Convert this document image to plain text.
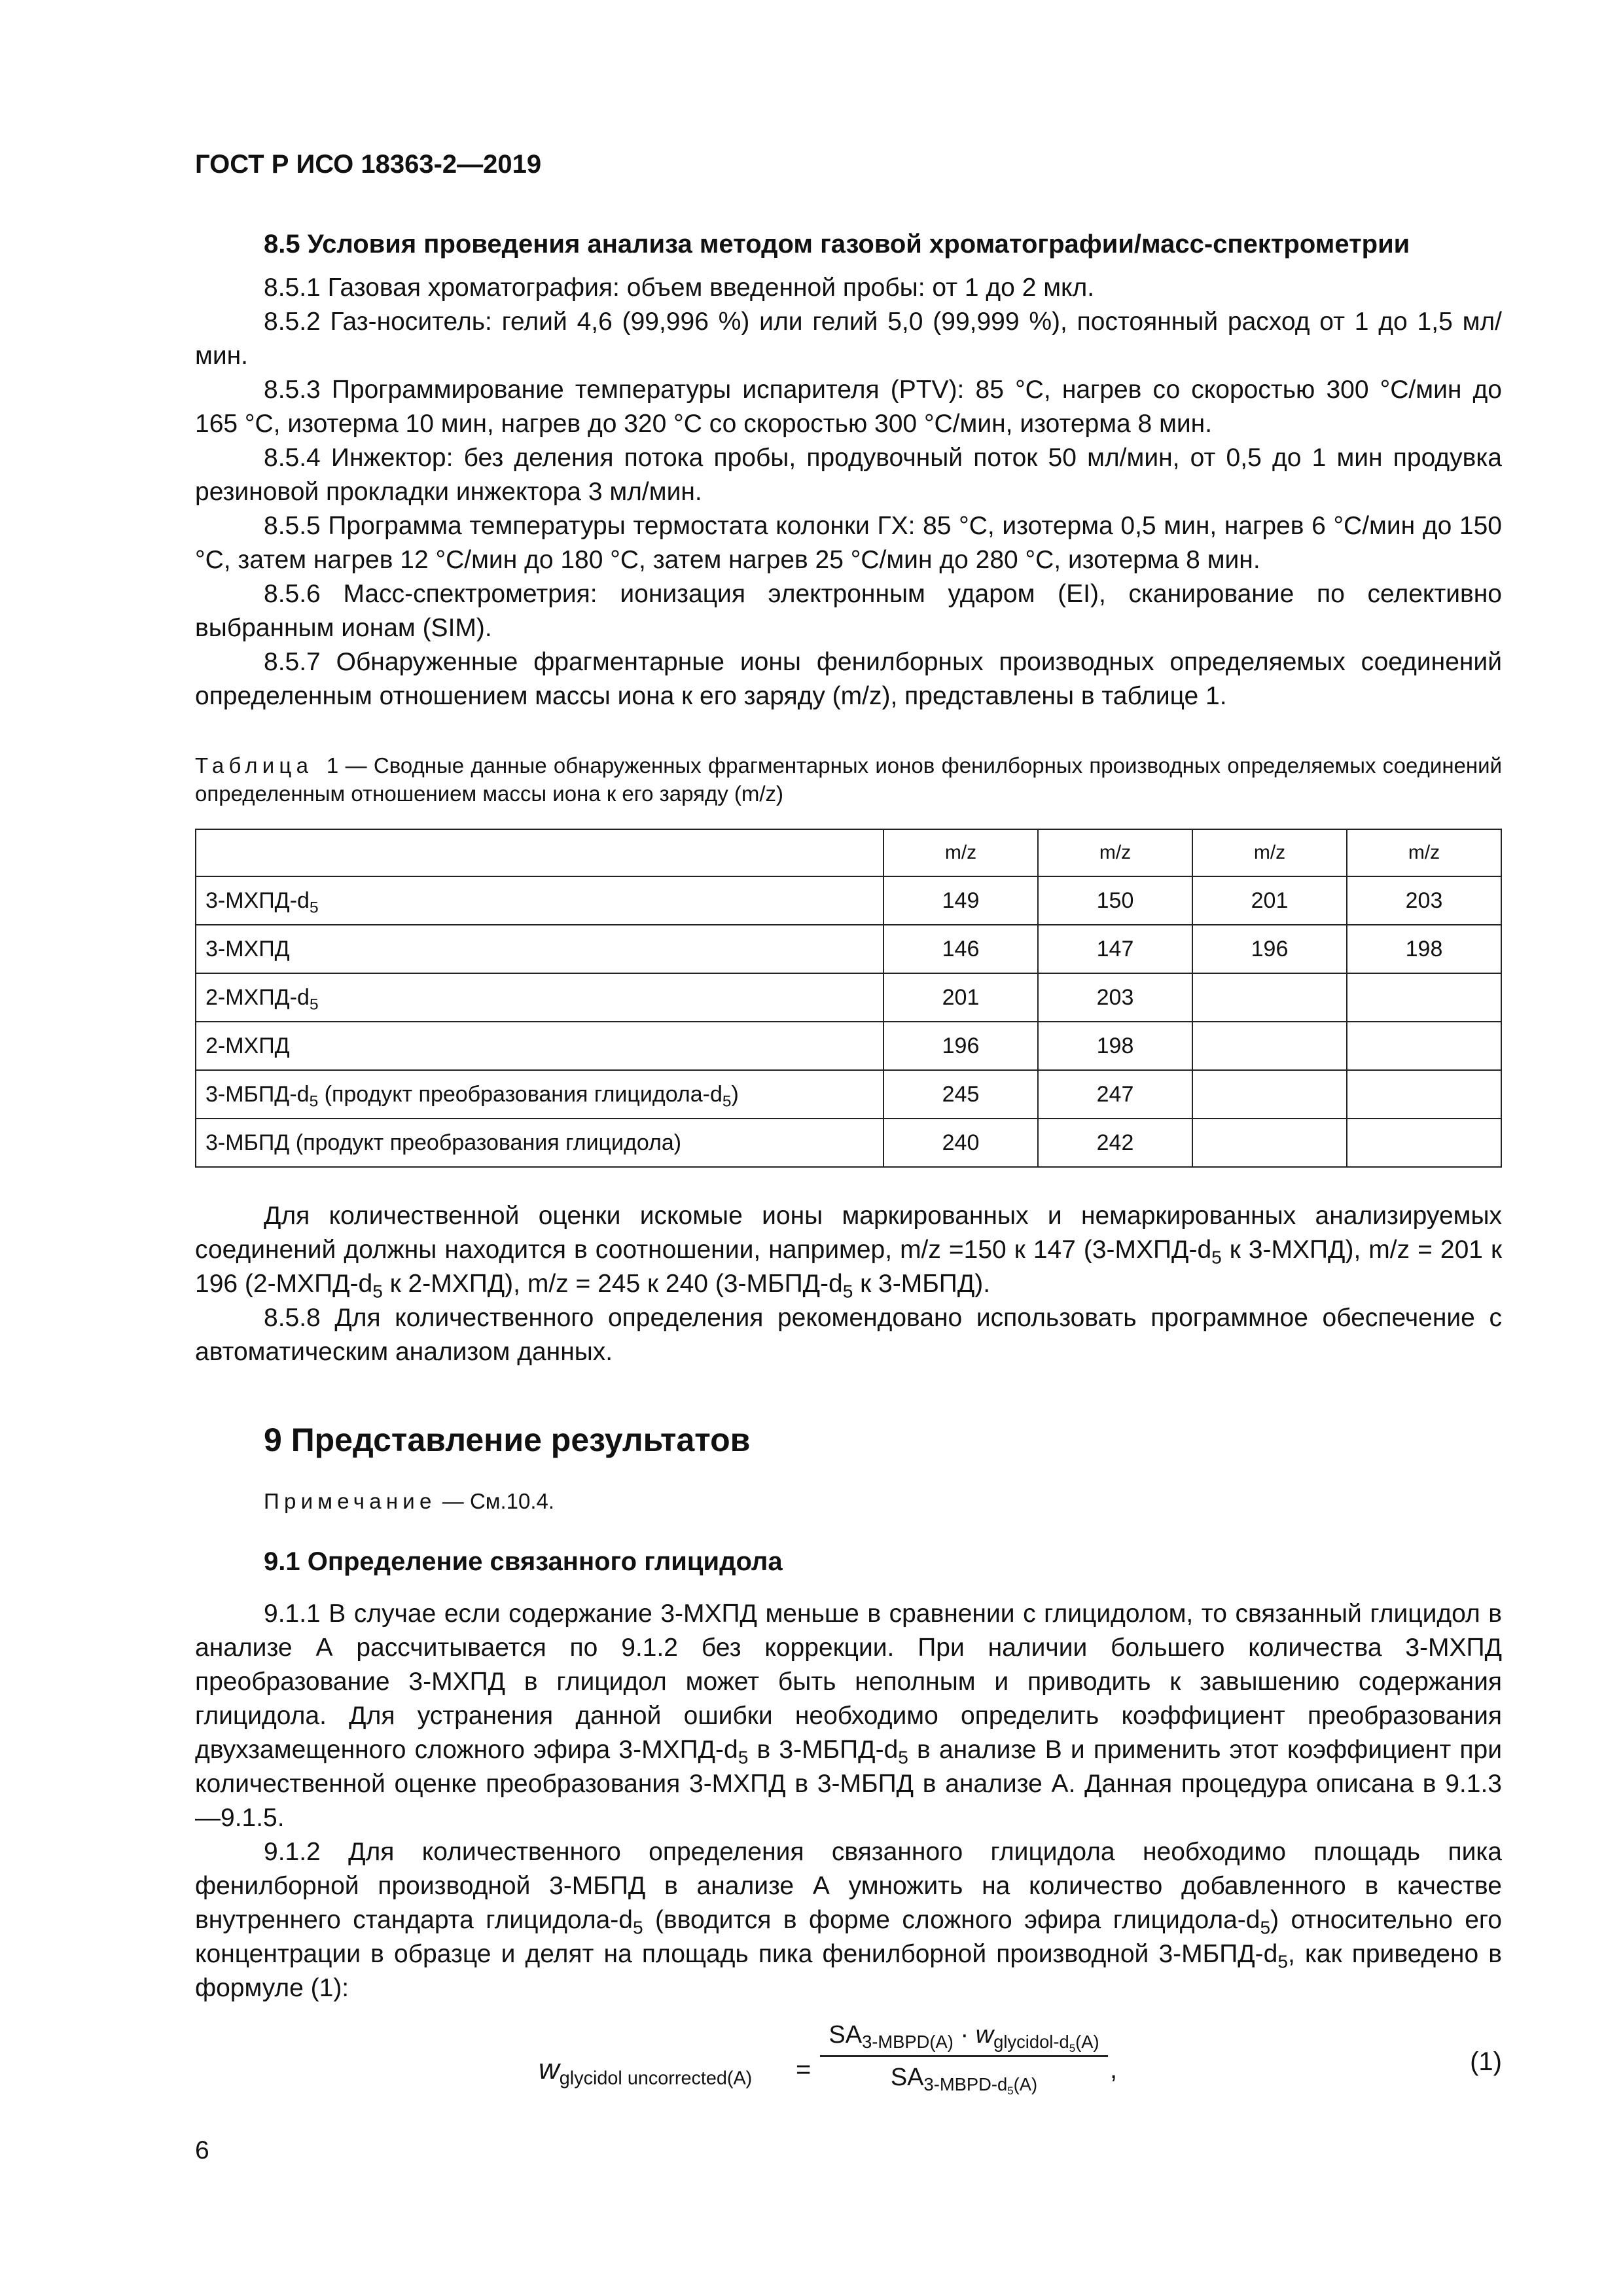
ГОСТ Р ИСО 18363-2—2019
8.5 Условия проведения анализа методом газовой хроматографии/масс-спектрометрии

8.5.1 Газовая хроматография: объем введенной пробы: от 1 до 2 мкл.

8.5.2 Газ-носитель: гелий 4,6 (99,996 %) или гелий 5,0 (99,999 %), постоянный расход от 1 до 1,5 мл/мин.

8.5.3 Программирование температуры испарителя (PTV): 85 °С, нагрев со скоростью 300 °С/мин до 165 °С, изотерма 10 мин, нагрев до 320 °С со скоростью 300 °С/мин, изотерма 8 мин.

8.5.4 Инжектор: без деления потока пробы, продувочный поток 50 мл/мин, от 0,5 до 1 мин продувка резиновой прокладки инжектора 3 мл/мин.

8.5.5 Программа температуры термостата колонки ГХ: 85 °С, изотерма 0,5 мин, нагрев 6 °С/мин до 150 °С, затем нагрев 12 °С/мин до 180 °С, затем нагрев 25 °С/мин до 280 °С, изотерма 8 мин.

8.5.6 Масс-спектрометрия: ионизация электронным ударом (EI), сканирование по селективно выбранным ионам (SIM).

8.5.7 Обнаруженные фрагментарные ионы фенилборных производных определяемых соединений определенным отношением массы иона к его заряду (m/z), представлены в таблице 1.

Таблица 1 — Сводные данные обнаруженных фрагментарных ионов фенилборных производных определяемых соединений определенным отношением массы иона к его заряду (m/z)
	m/z	m/z	m/z	m/z
$3-МХПД-d_5$	149	150	201	203
3-МХПД	146	147	196	198
$2-МХПД-d_5$	201	203		
2-МХПД	196	198		
$3-МБПД-d_5$ (продукт преобразования глицидола-$d_5$)	245	247		
3-МБПД (продукт преобразования глицидола)	240	242		

Для количественной оценки искомые ионы маркированных и немаркированных анализируемых соединений должны находится в соотношении, например, m/z =150 к 147 ($3-МХПД-d_5$ к 3-МХПД), m/z = 201 к 196 ($2-МХПД-d_5$ к 2-МХПД), m/z = 245 к 240 ($3-МБПД-d_5$ к 3-МБПД).

8.5.8 Для количественного определения рекомендовано использовать программное обеспечение с автоматическим анализом данных.

9 Представление результатов
Примечание — См.10.4.
9.1 Определение связанного глицидола

9.1.1 В случае если содержание 3-МХПД меньше в сравнении с глицидолом, то связанный глицидол в анализе А рассчитывается по 9.1.2 без коррекции. При наличии большего количества 3-МХПД преобразование 3-МХПД в глицидол может быть неполным и приводить к завышению содержания глицидола. Для устранения данной ошибки необходимо определить коэффициент преобразования двухзамещенного сложного эфира $3-МХПД-d_5$ в $3-МБПД-d_5$ в анализе В и применить этот коэффициент при количественной оценке преобразования 3-МХПД в 3-МБПД в анализе А. Данная процедура описана в 9.1.3—9.1.5.

9.1.2 Для количественного определения связанного глицидола необходимо площадь пика фенилборной производной 3-МБПД в анализе А умножить на количество добавленного в качестве внутреннего стандарта глицидола-$d_5$ (вводится в форме сложного эфира глицидола-$d_5$) относительно его концентрации в образце и делят на площадь пика фенилборной производной $3-МБПД-d_5$, как приведено в формуле (1):

$w_{glycidol uncorrected(A)}$ =
$SA_{3-MBPD(A)} \cdot w_{glycidol-d_5(A)}$
$SA_{3-MBPD-d_5(A)}$
,	(1)
6
